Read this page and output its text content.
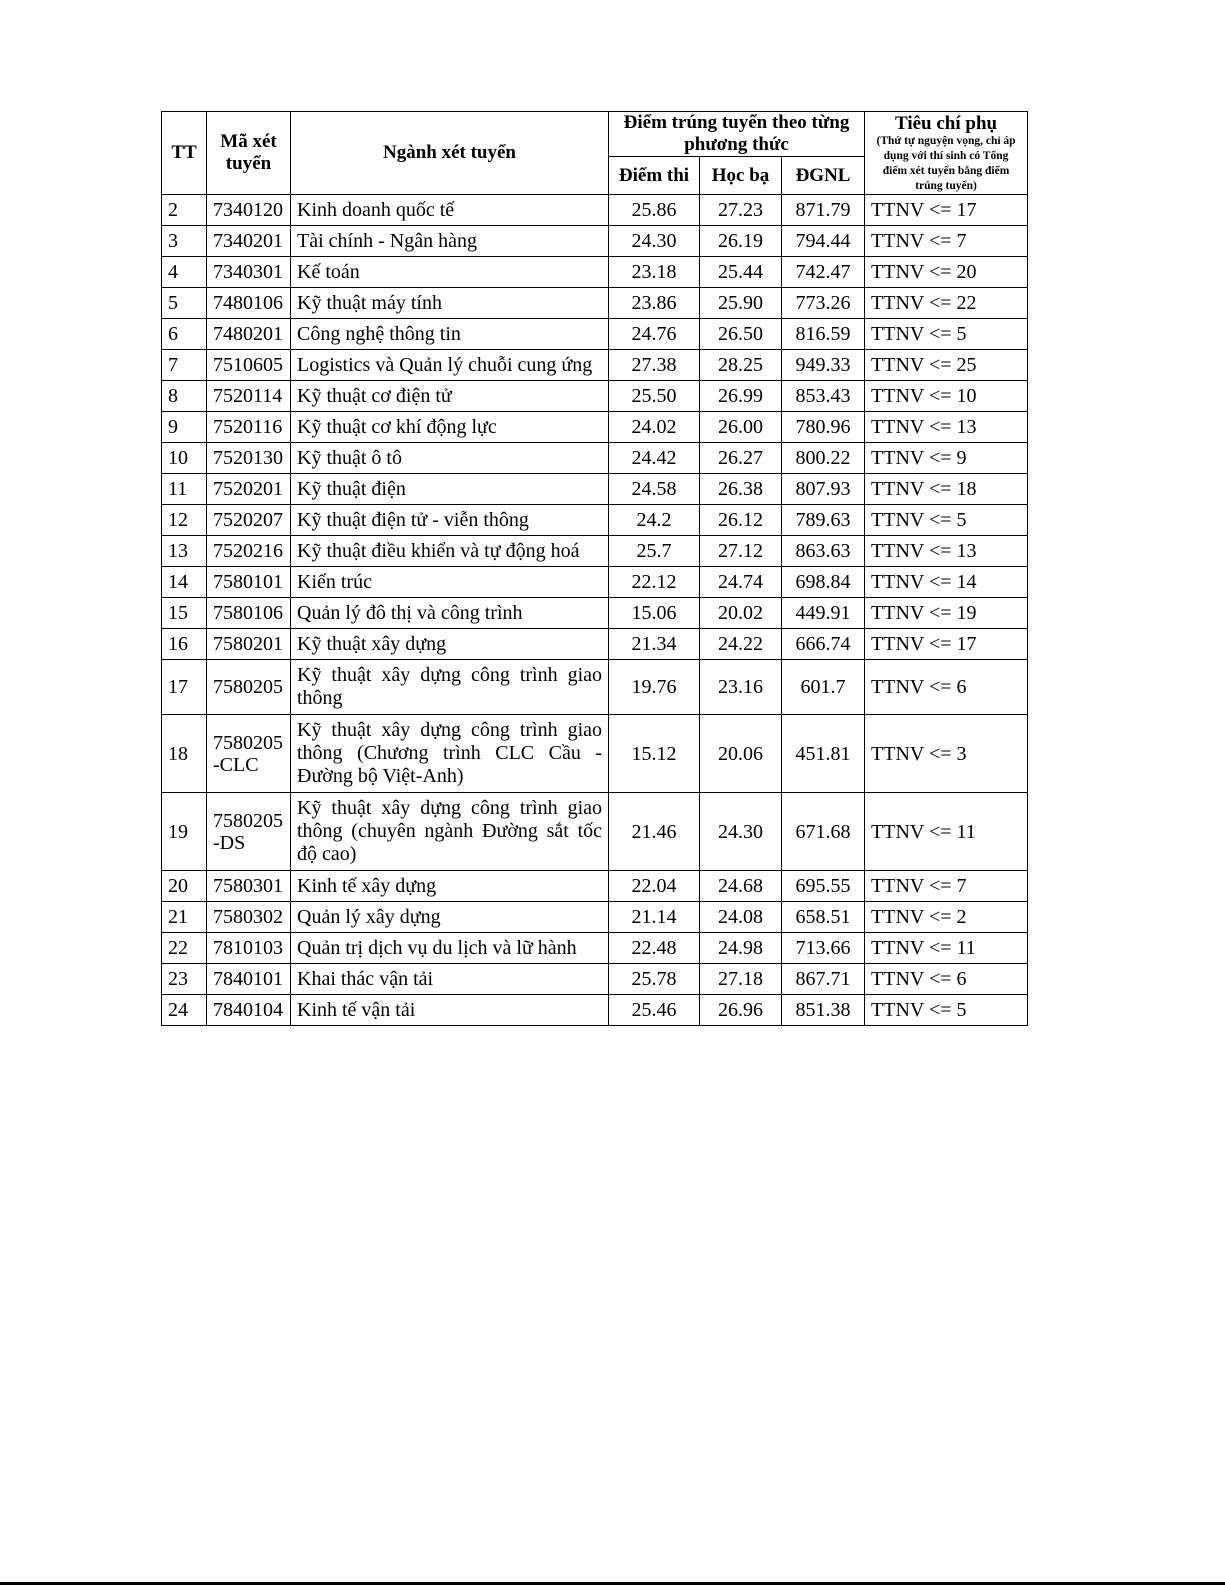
TT	Mã xét tuyển	Ngành xét tuyển	Điểm trúng tuyển theo từng phương thức			Tiêu chí phụ
(Thứ tự nguyện vọng, chỉ áp dụng với thí sinh có Tổng điểm xét tuyển bằng điểm trúng tuyển)

			Điểm thi	Học bạ	ĐGNL	
2	7340120	Kinh doanh quốc tế	25.86	27.23	871.79	TTNV <= 17
3	7340201	Tài chính - Ngân hàng	24.30	26.19	794.44	TTNV <= 7
4	7340301	Kế toán	23.18	25.44	742.47	TTNV <= 20
5	7480106	Kỹ thuật máy tính	23.86	25.90	773.26	TTNV <= 22
6	7480201	Công nghệ thông tin	24.76	26.50	816.59	TTNV <= 5
7	7510605	Logistics và Quản lý chuỗi cung ứng	27.38	28.25	949.33	TTNV <= 25
8	7520114	Kỹ thuật cơ điện tử	25.50	26.99	853.43	TTNV <= 10
9	7520116	Kỹ thuật cơ khí động lực	24.02	26.00	780.96	TTNV <= 13
10	7520130	Kỹ thuật ô tô	24.42	26.27	800.22	TTNV <= 9
11	7520201	Kỹ thuật điện	24.58	26.38	807.93	TTNV <= 18
12	7520207	Kỹ thuật điện tử - viễn thông	24.2	26.12	789.63	TTNV <= 5
13	7520216	Kỹ thuật điều khiển và tự động hoá	25.7	27.12	863.63	TTNV <= 13
14	7580101	Kiến trúc	22.12	24.74	698.84	TTNV <= 14
15	7580106	Quản lý đô thị và công trình	15.06	20.02	449.91	TTNV <= 19
16	7580201	Kỹ thuật xây dựng	21.34	24.22	666.74	TTNV <= 17
17	7580205	Kỹ thuật xây dựng công trình giao thông	19.76	23.16	601.7	TTNV <= 6
18	7580205 -CLC	Kỹ thuật xây dựng công trình giao thông (Chương trình CLC Cầu - Đường bộ Việt-Anh)	15.12	20.06	451.81	TTNV <= 3
19	7580205 -DS	Kỹ thuật xây dựng công trình giao thông (chuyên ngành Đường sắt tốc độ cao)	21.46	24.30	671.68	TTNV <= 11
20	7580301	Kinh tế xây dựng	22.04	24.68	695.55	TTNV <= 7
21	7580302	Quản lý xây dựng	21.14	24.08	658.51	TTNV <= 2
22	7810103	Quản trị dịch vụ du lịch và lữ hành	22.48	24.98	713.66	TTNV <= 11
23	7840101	Khai thác vận tải	25.78	27.18	867.71	TTNV <= 6
24	7840104	Kinh tế vận tải	25.46	26.96	851.38	TTNV <= 5
